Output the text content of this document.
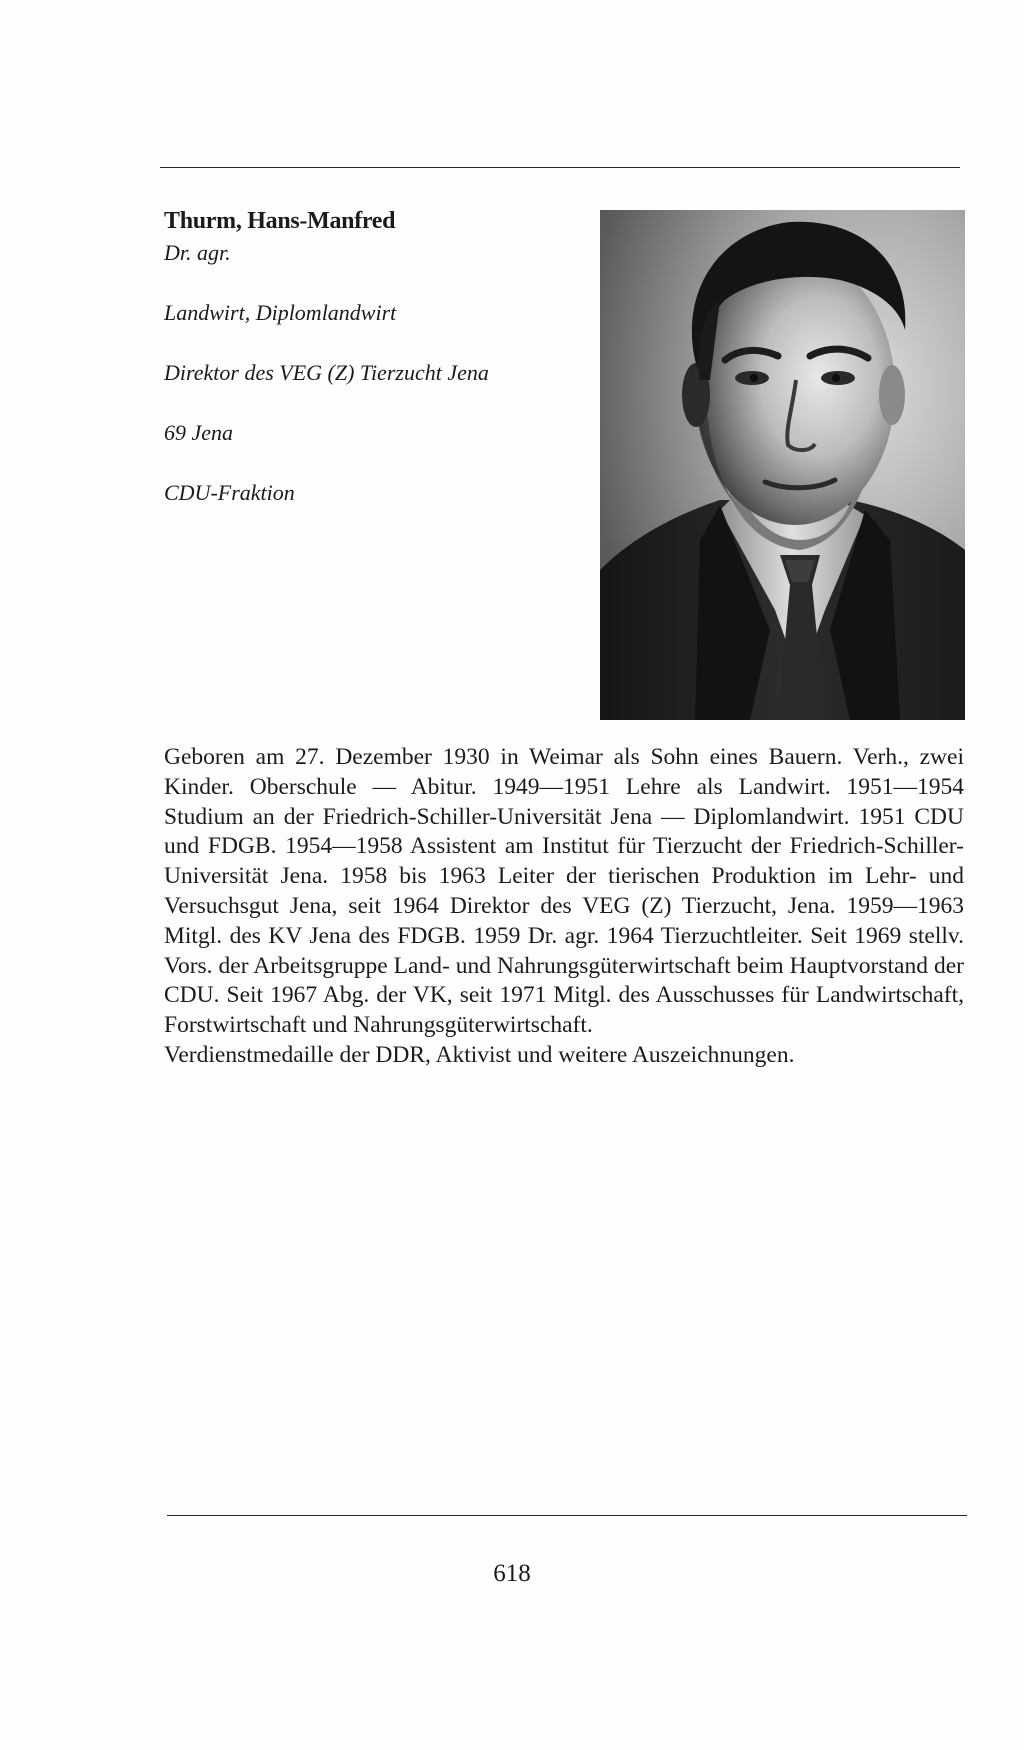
Thurm, Hans-Manfred

Dr. agr.

Landwirt, Diplomlandwirt

Direktor des VEG (Z) Tierzucht Jena

69 Jena

CDU-Fraktion

Geboren am 27. Dezember 1930 in Weimar als Sohn eines Bauern. Verh., zwei Kinder. Oberschule — Abitur. 1949—1951 Lehre als Landwirt. 1951—1954 Studium an der Friedrich-Schiller-Universität Jena — Diplomlandwirt. 1951 CDU und FDGB. 1954—1958 Assistent am Institut für Tierzucht der Friedrich-Schiller-Universität Jena. 1958 bis 1963 Leiter der tierischen Produktion im Lehr- und Versuchsgut Jena, seit 1964 Direktor des VEG (Z) Tierzucht, Jena. 1959—1963 Mitgl. des KV Jena des FDGB. 1959 Dr. agr. 1964 Tierzuchtleiter. Seit 1969 stellv. Vors. der Arbeitsgruppe Land- und Nahrungsgüterwirtschaft beim Hauptvorstand der CDU. Seit 1967 Abg. der VK, seit 1971 Mitgl. des Ausschusses für Landwirtschaft, Forstwirtschaft und Nahrungsgüterwirtschaft.

Verdienstmedaille der DDR, Aktivist und weitere Auszeichnungen.

618
